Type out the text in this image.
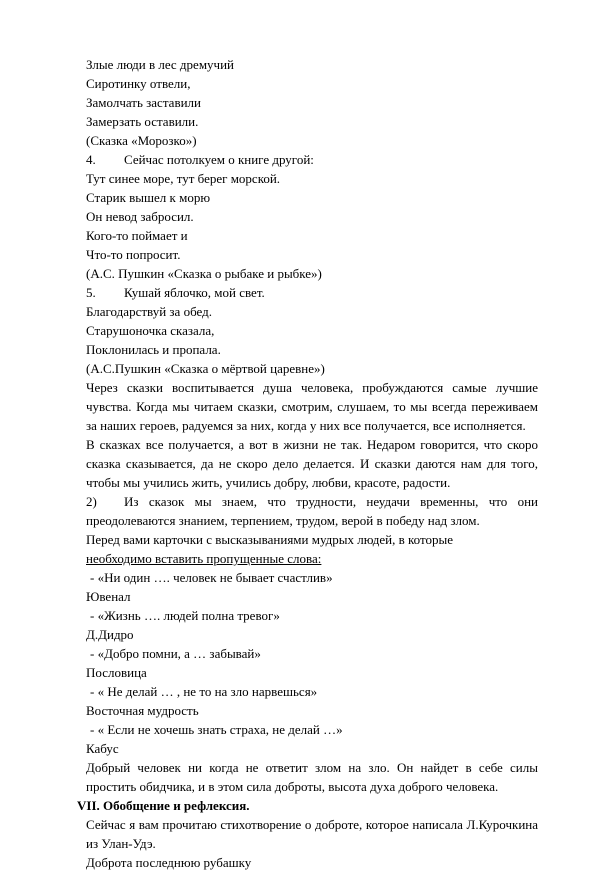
Злые люди в лес дремучий
Сиротинку отвели,
Замолчать заставили
Замерзать оставили.
(Сказка «Морозко»)
4. Сейчас потолкуем о книге другой:
Тут синее море, тут берег морской.
Старик вышел к морю
Он невод забросил.
Кого-то поймает и
Что-то попросит.
(А.С. Пушкин «Сказка о рыбаке и рыбке»)
5. Кушай яблочко, мой свет.
Благодарствуй за обед.
Старушоночка сказала,
Поклонилась и пропала.
(А.С.Пушкин «Сказка о мёртвой царевне»)

Через сказки воспитывается душа человека, пробуждаются самые лучшие чувства. Когда мы читаем сказки, смотрим, слушаем, то мы всегда переживаем за наших героев, радуемся за них, когда у них все получается, все исполняется.

В сказках все получается, а вот в жизни не так. Недаром говорится, что скоро сказка сказывается, да не скоро дело делается. И сказки даются нам для того, чтобы мы учились жить, учились добру, любви, красоте, радости.

2) Из сказок мы знаем, что трудности, неудачи временны, что они преодолеваются знанием, терпением, трудом, верой в победу над злом.

Перед вами карточки с высказываниями мудрых людей, в которые

необходимо вставить пропущенные слова:
- «Ни один …. человек не бывает счастлив»
Ювенал
- «Жизнь …. людей полна тревог»
Д.Дидро
- «Добро помни, а … забывай»
Пословица
- « Не делай … , не то на зло нарвешься»
Восточная мудрость
- « Если не хочешь знать страха, не делай …»
Кабус

Добрый человек ни когда не ответит злом на зло. Он найдет в себе силы простить обидчика, и в этом сила доброты, высота духа доброго человека.

VII. Обобщение и рефлексия.

Сейчас я вам прочитаю стихотворение о доброте, которое написала Л.Курочкина из Улан-Удэ.

Доброта последнюю рубашку
